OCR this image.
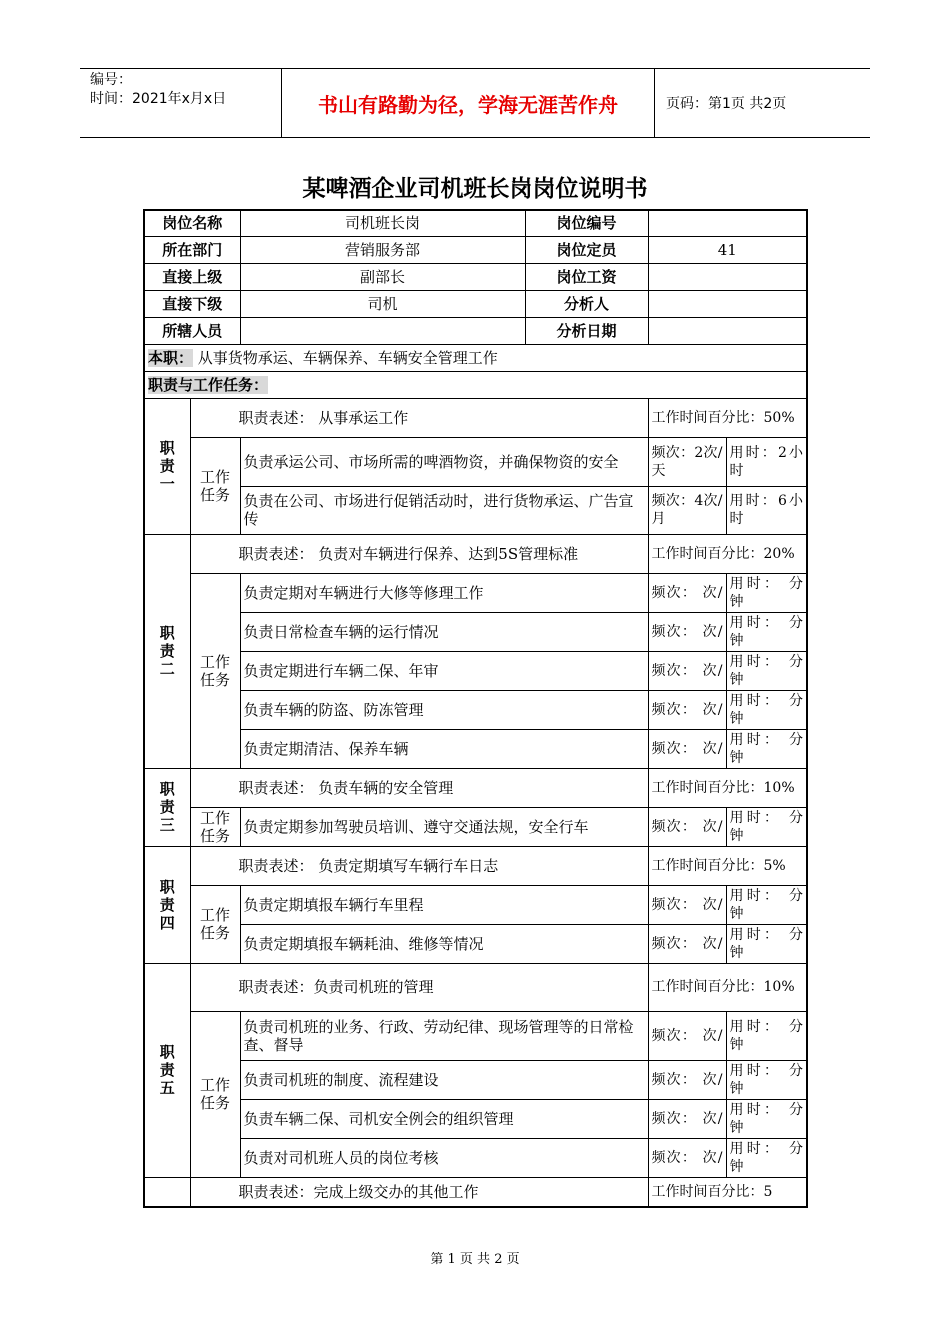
编号：
时间：2021年x月x日	书山有路勤为径，学海无涯苦作舟	页码：第1页 共2页
某啤酒企业司机班长岗岗位说明书
岗位名称		司机班长岗	岗位编号		
所在部门		营销服务部	岗位定员	41	
直接上级		副部长	岗位工资		
直接下级		司机	分析人		
所辖人员			分析日期		
本职： 从事货物承运、车辆保养、车辆安全管理工作					
职责与工作任务：					
职
责
一	职责表述： 从事承运工作			工作时间百分比：50%	
	工作
任务	负责承运公司、市场所需的啤酒物资，并确保物资的安全		频次：2次/天	用时：2小时
		负责在公司、市场进行促销活动时，进行货物承运、广告宣传		频次：4次/月	用时：6小时
职
责
二	职责表述： 负责对车辆进行保养、达到5S管理标准			工作时间百分比：20%	
	工作
任务	负责定期对车辆进行大修等修理工作		频次： 次/	用时： 分钟
		负责日常检查车辆的运行情况		频次： 次/	用时： 分钟
		负责定期进行车辆二保、年审		频次： 次/	用时： 分钟
		负责车辆的防盗、防冻管理		频次： 次/	用时： 分钟
		负责定期清洁、保养车辆		频次： 次/	用时： 分钟
职
责
三	职责表述： 负责车辆的安全管理			工作时间百分比：10%	
	工作
任务	负责定期参加驾驶员培训、遵守交通法规，安全行车		频次： 次/	用时： 分钟
职
责
四	职责表述： 负责定期填写车辆行车日志			工作时间百分比：5%	
	工作
任务	负责定期填报车辆行车里程		频次： 次/	用时： 分钟
		负责定期填报车辆耗油、维修等情况		频次： 次/	用时： 分钟
职
责
五	职责表述：负责司机班的管理			工作时间百分比：10%	
	工作
任务	负责司机班的业务、行政、劳动纪律、现场管理等的日常检查、督导		频次： 次/	用时： 分钟
		负责司机班的制度、流程建设		频次： 次/	用时： 分钟
		负责车辆二保、司机安全例会的组织管理		频次： 次/	用时： 分钟
		负责对司机班人员的岗位考核		频次： 次/	用时： 分钟
	职责表述：完成上级交办的其他工作			工作时间百分比：5	
第 1 页 共 2 页
